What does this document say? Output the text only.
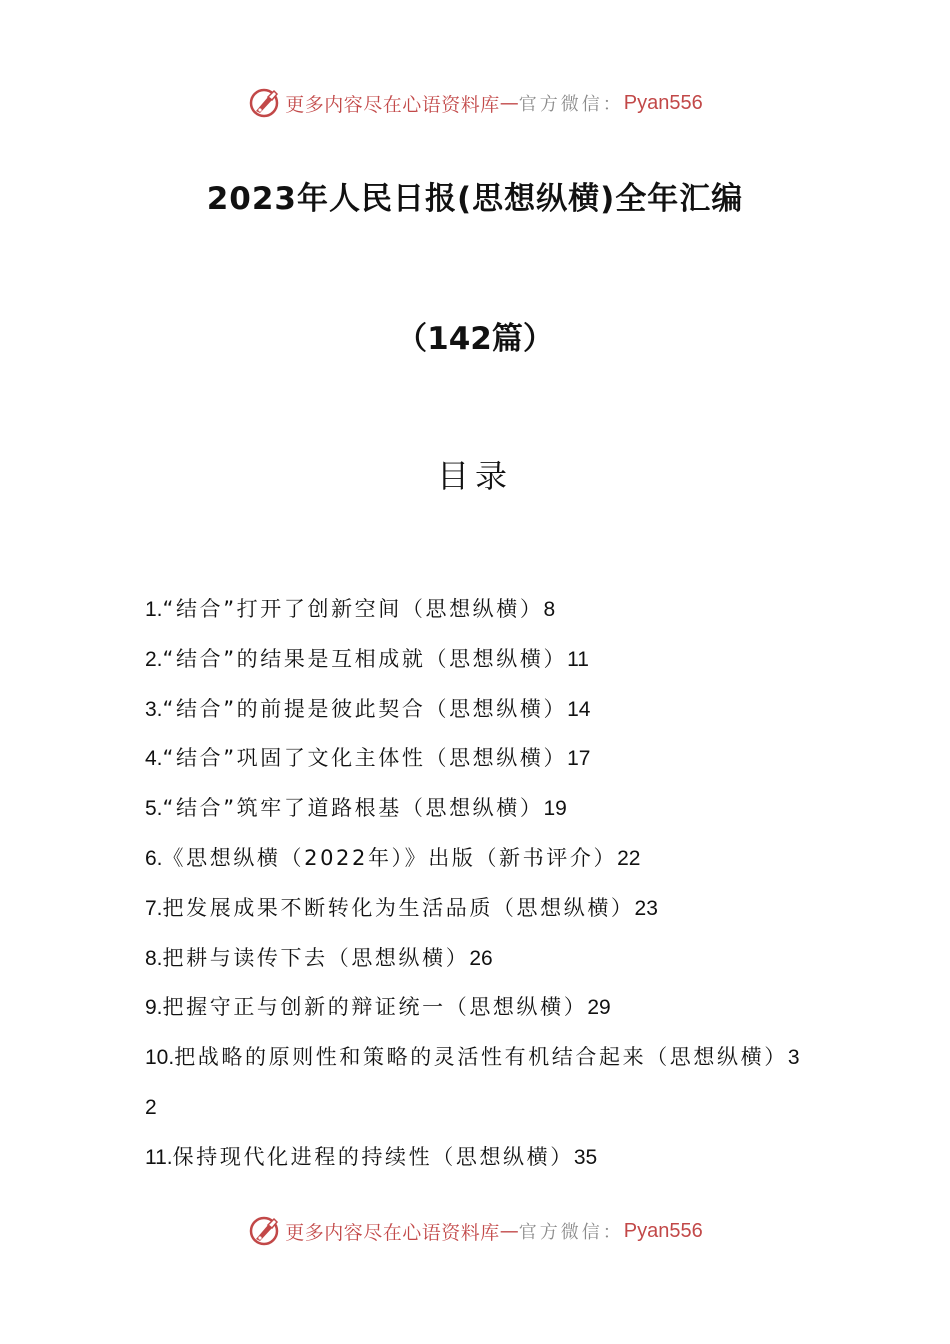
更多内容尽在心语资料库 — 官方微信： Pyan556
2023年人民日报(思想纵横)全年汇编
（142篇）
目录
1.“结合”打开了创新空间（思想纵横）8
2.“结合”的结果是互相成就（思想纵横）11
3.“结合”的前提是彼此契合（思想纵横）14
4.“结合”巩固了文化主体性（思想纵横）17
5.“结合”筑牢了道路根基（思想纵横）19
6.《思想纵横（2022年）》出版（新书评介）22
7.把发展成果不断转化为生活品质（思想纵横）23
8.把耕与读传下去（思想纵横）26
9.把握守正与创新的辩证统一（思想纵横）29
10.把战略的原则性和策略的灵活性有机结合起来（思想纵横）32
11.保持现代化进程的持续性（思想纵横）35
更多内容尽在心语资料库 — 官方微信： Pyan556
